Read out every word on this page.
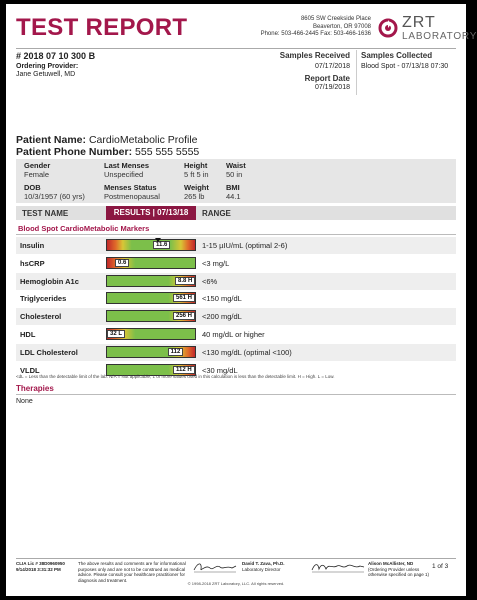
TEST REPORT	8605 SW Creekside Place
Beaverton, OR 97008
Phone: 503-466-2445 Fax: 503-466-1636
ZRT
LABORATORY
# 2018 07 10 300 B
Ordering Provider:
Jane Getuwell, MD
Samples Received
07/17/2018
Report Date
07/19/2018
Samples Collected
Blood Spot - 07/13/18 07:30
Patient Name: CardioMetabolic Profile
Patient Phone Number: 555 555 5555
Gender
Female
Last Menses
Unspecified
Height
5 ft 5 in
Waist
50 in
DOB
10/3/1957 (60 yrs)
Menses Status
Postmenopausal
Weight
265 lb
BMI
44.1
TEST NAME	RESULTS | 07/13/18	RANGE
Blood Spot CardioMetabolic Markers
Insulin	11.6	1-15 µIU/mL (optimal 2-6)
hsCRP	0.6	<3 mg/L
Hemoglobin A1c	8.8 H	<6%
Triglycerides	561 H	<150 mg/dL
Cholesterol	256 H	<200 mg/dL
HDL	32 L	40 mg/dL or higher
LDL Cholesterol	112	<130 mg/dL (optimal <100)
VLDL	112 H	<30 mg/dL
<dL = Less than the detectable limit of the lab. N/A = Not applicable; 1 or more values used in this calculation is less than the detectable limit. H = High. L = Low.
Therapies
None
CLIA Lic # 38D0960950
9/14/2018 3:31:32 PM
The above results and comments are for informational purposes only and are not to be construed as medical advice. Please consult your healthcare practitioner for diagnosis and treatment.
David T. Zava, Ph.D.
Laboratory Director
Alison McAllister, ND
(Ordering Provider unless
otherwise specified on page 1)
1 of 3
© 1998-2018 ZRT Laboratory, LLC. All rights reserved.
